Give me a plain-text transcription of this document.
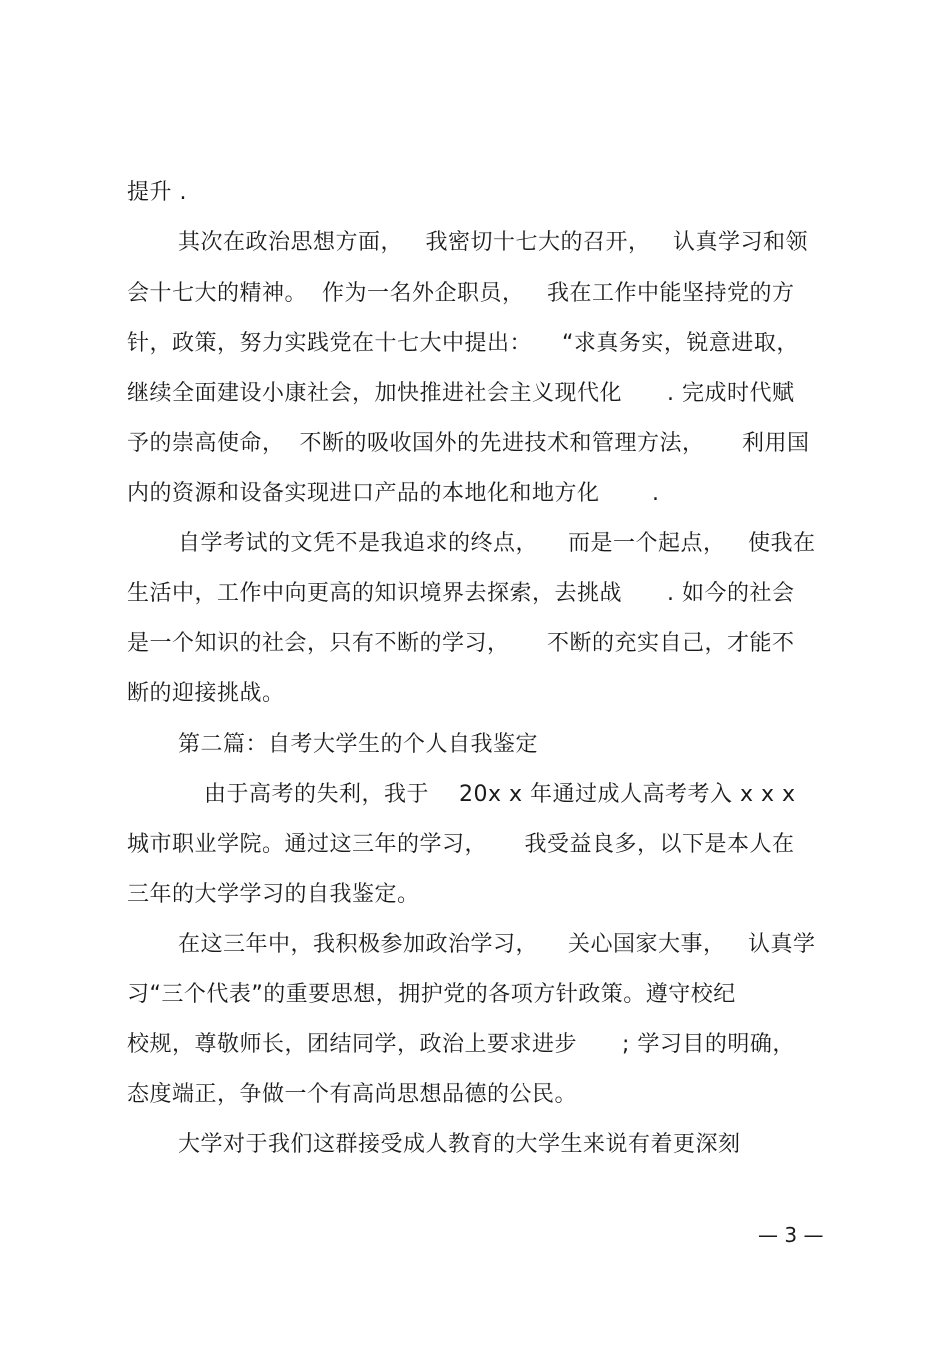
提升 .
其次在政治思想方面，   我密切十七大的召开，   认真学习和领
会十七大的精神。  作为一名外企职员，   我在工作中能坚持党的方
针，政策，努力实践党在十七大中提出：    “求真务实，锐意进取，
继续全面建设小康社会，加快推进社会主义现代化      . 完成时代赋
予的崇高使命，  不断的吸收国外的先进技术和管理方法，     利用国
内的资源和设备实现进口产品的本地化和地方化       .
自学考试的文凭不是我追求的终点，    而是一个起点，   使我在
生活中，工作中向更高的知识境界去探索，去挑战      . 如今的社会
是一个知识的社会，只有不断的学习，     不断的充实自己，才能不
断的迎接挑战。
第二篇：自考大学生的个人自我鉴定
由于高考的失利，我于    20x x 年通过成人高考考入 x x x
城市职业学院。通过这三年的学习，     我受益良多，以下是本人在
三年的大学学习的自我鉴定。
在这三年中，我积极参加政治学习，    关心国家大事，   认真学
习“三个代表”的重要思想，拥护党的各项方针政策。遵守校纪
校规，尊敬师长，团结同学，政治上要求进步      ; 学习目的明确，
态度端正，争做一个有高尚思想品德的公民。
大学对于我们这群接受成人教育的大学生来说有着更深刻
— 3 —
